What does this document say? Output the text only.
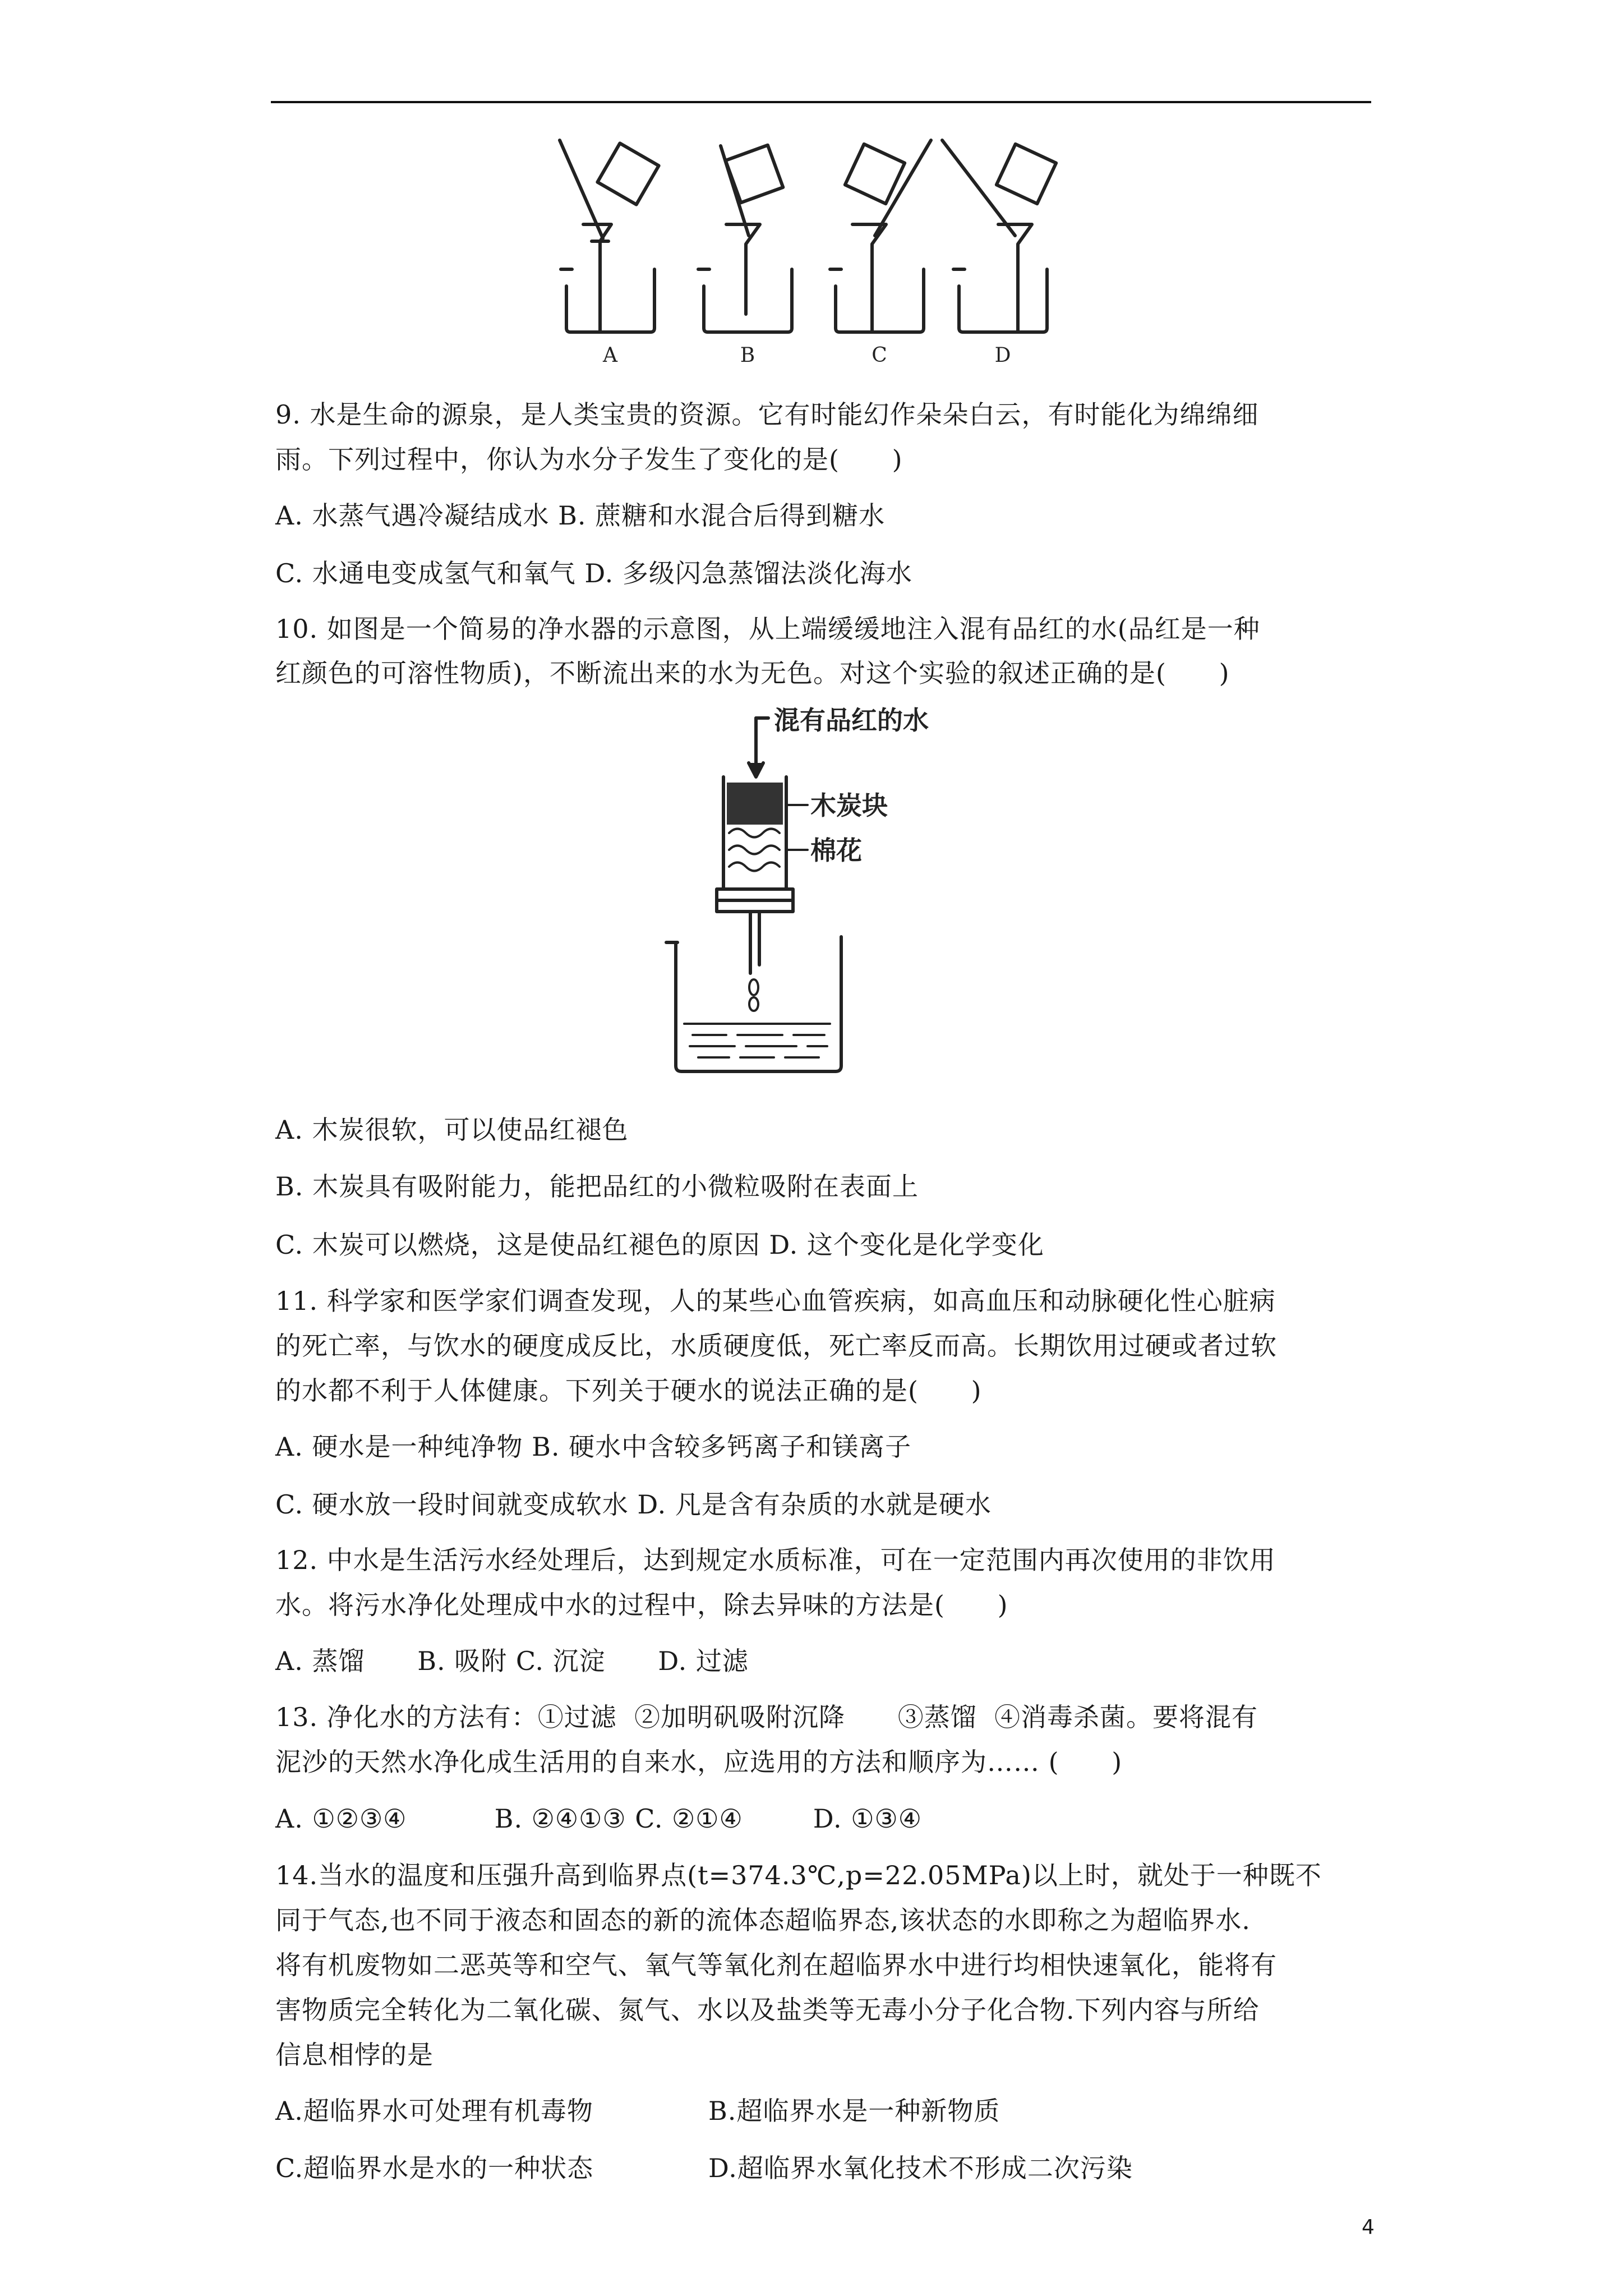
A	B	C	D
9. 水是生命的源泉，是人类宝贵的资源。它有时能幻作朵朵白云，有时能化为绵绵细
雨。下列过程中，你认为水分子发生了变化的是(      )
A. 水蒸气遇冷凝结成水 B. 蔗糖和水混合后得到糖水
C. 水通电变成氢气和氧气 D. 多级闪急蒸馏法淡化海水
10. 如图是一个简易的净水器的示意图，从上端缓缓地注入混有品红的水(品红是一种
红颜色的可溶性物质)，不断流出来的水为无色。对这个实验的叙述正确的是(      )
混有品红的水
木炭块
棉花
A. 木炭很软，可以使品红褪色
B. 木炭具有吸附能力，能把品红的小微粒吸附在表面上
C. 木炭可以燃烧，这是使品红褪色的原因 D. 这个变化是化学变化
11. 科学家和医学家们调查发现，人的某些心血管疾病，如高血压和动脉硬化性心脏病
的死亡率，与饮水的硬度成反比，水质硬度低，死亡率反而高。长期饮用过硬或者过软
的水都不利于人体健康。下列关于硬水的说法正确的是(      )
A. 硬水是一种纯净物 B. 硬水中含较多钙离子和镁离子
C. 硬水放一段时间就变成软水 D. 凡是含有杂质的水就是硬水
12. 中水是生活污水经处理后，达到规定水质标准，可在一定范围内再次使用的非饮用
水。将污水净化处理成中水的过程中，除去异味的方法是(      )
A. 蒸馏      B. 吸附 C. 沉淀      D. 过滤
13. 净化水的方法有：①过滤  ②加明矾吸附沉降      ③蒸馏  ④消毒杀菌。要将混有
泥沙的天然水净化成生活用的自来水，应选用的方法和顺序为…… (      )
A. ①②③④          B. ②④①③ C. ②①④        D. ①③④
14.当水的温度和压强升高到临界点(t=374.3℃,p=22.05MPa)以上时，就处于一种既不
同于气态,也不同于液态和固态的新的流体态超临界态,该状态的水即称之为超临界水.
将有机废物如二恶英等和空气、氧气等氧化剂在超临界水中进行均相快速氧化，能将有
害物质完全转化为二氧化碳、氮气、水以及盐类等无毒小分子化合物.下列内容与所给
信息相悖的是
A.超临界水可处理有机毒物	B.超临界水是一种新物质
C.超临界水是水的一种状态	D.超临界水氧化技术不形成二次污染
4
